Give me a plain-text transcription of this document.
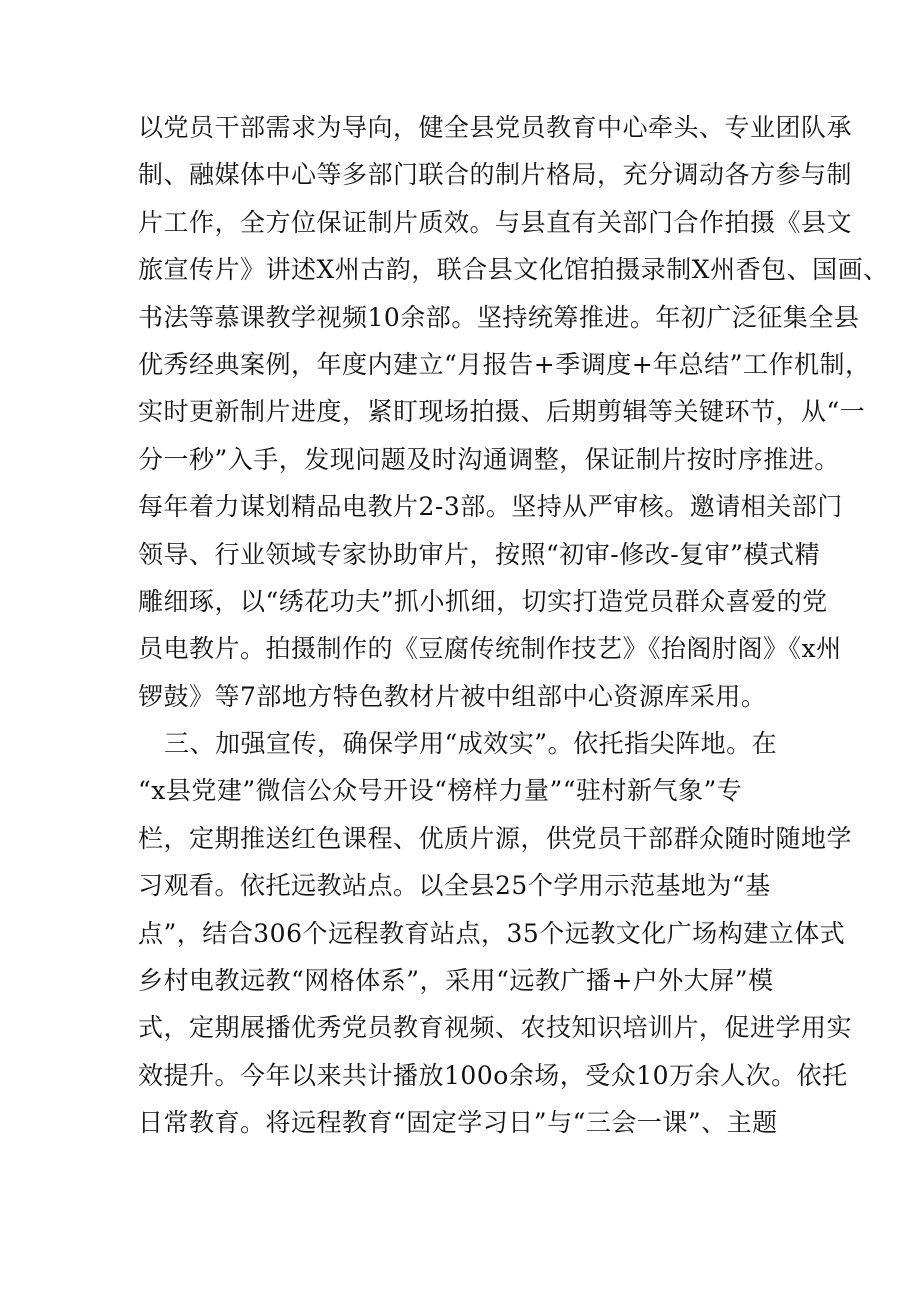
以党员干部需求为导向，健全县党员教育中心牵头、专业团队承
制、融媒体中心等多部门联合的制片格局，充分调动各方参与制
片工作，全方位保证制片质效。与县直有关部门合作拍摄《县文
旅宣传片》讲述X州古韵，联合县文化馆拍摄录制X州香包、国画、
书法等慕课教学视频10余部。坚持统筹推进。年初广泛征集全县
优秀经典案例，年度内建立“月报告+季调度+年总结”工作机制，
实时更新制片进度，紧盯现场拍摄、后期剪辑等关键环节，从“一
分一秒”入手，发现问题及时沟通调整，保证制片按时序推进。
每年着力谋划精品电教片2-3部。坚持从严审核。邀请相关部门
领导、行业领域专家协助审片，按照“初审-修改-复审”模式精
雕细琢，以“绣花功夫”抓小抓细，切实打造党员群众喜爱的党
员电教片。拍摄制作的《豆腐传统制作技艺》《抬阁肘阁》《x州
锣鼓》等7部地方特色教材片被中组部中心资源库采用。
三、加强宣传，确保学用“成效实”。依托指尖阵地。在
“x县党建”微信公众号开设“榜样力量”“驻村新气象”专
栏，定期推送红色课程、优质片源，供党员干部群众随时随地学
习观看。依托远教站点。以全县25个学用示范基地为“基
点”，结合306个远程教育站点，35个远教文化广场构建立体式
乡村电教远教“网格体系”，采用“远教广播+户外大屏”模
式，定期展播优秀党员教育视频、农技知识培训片，促进学用实
效提升。今年以来共计播放100o余场，受众10万余人次。依托
日常教育。将远程教育“固定学习日”与“三会一课”、主题
